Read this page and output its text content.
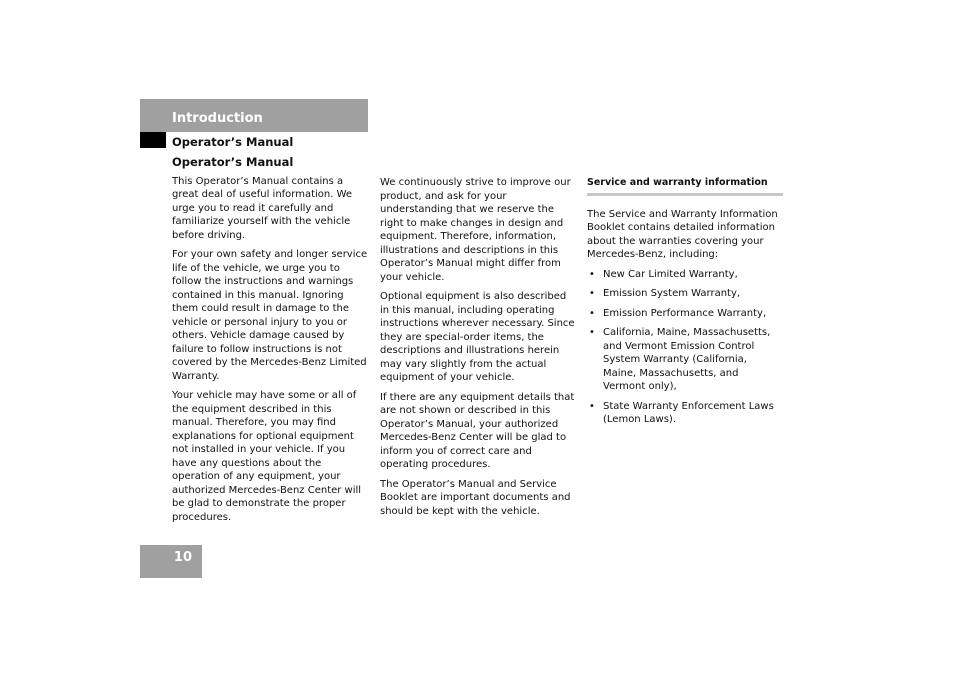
Introduction
Operator’s Manual
Operator’s Manual

This Operator’s Manual contains a great deal of useful information. We urge you to read it carefully and familiarize yourself with the vehicle before driving.

For your own safety and longer service life of the vehicle, we urge you to follow the instructions and warnings contained in this manual. Ignoring them could result in damage to the vehicle or personal injury to you or others. Vehicle damage caused by failure to follow instructions is not covered by the Mercedes-Benz Limited Warranty.

Your vehicle may have some or all of the equipment described in this manual. Therefore, you may find explanations for optional equipment not installed in your vehicle. If you have any questions about the operation of any equipment, your authorized Mercedes-Benz Center will be glad to demonstrate the proper procedures.

We continuously strive to improve our product, and ask for your understanding that we reserve the right to make changes in design and equipment. Therefore, information, illustrations and descriptions in this Operator’s Manual might differ from your vehicle.

Optional equipment is also described in this manual, including operating instructions wherever necessary. Since they are special-order items, the descriptions and illustrations herein may vary slightly from the actual equipment of your vehicle.

If there are any equipment details that are not shown or described in this Operator’s Manual, your authorized Mercedes-Benz Center will be glad to inform you of correct care and operating procedures.

The Operator’s Manual and Service Booklet are important documents and should be kept with the vehicle.

Service and warranty information

The Service and Warranty Information Booklet contains detailed information about the warranties covering your Mercedes-Benz, including:

• New Car Limited Warranty,
• Emission System Warranty,
• Emission Performance Warranty,
• California, Maine, Massachusetts, and Vermont Emission Control System Warranty (California, Maine, Massachusetts, and Vermont only),
• State Warranty Enforcement Laws (Lemon Laws).
10
